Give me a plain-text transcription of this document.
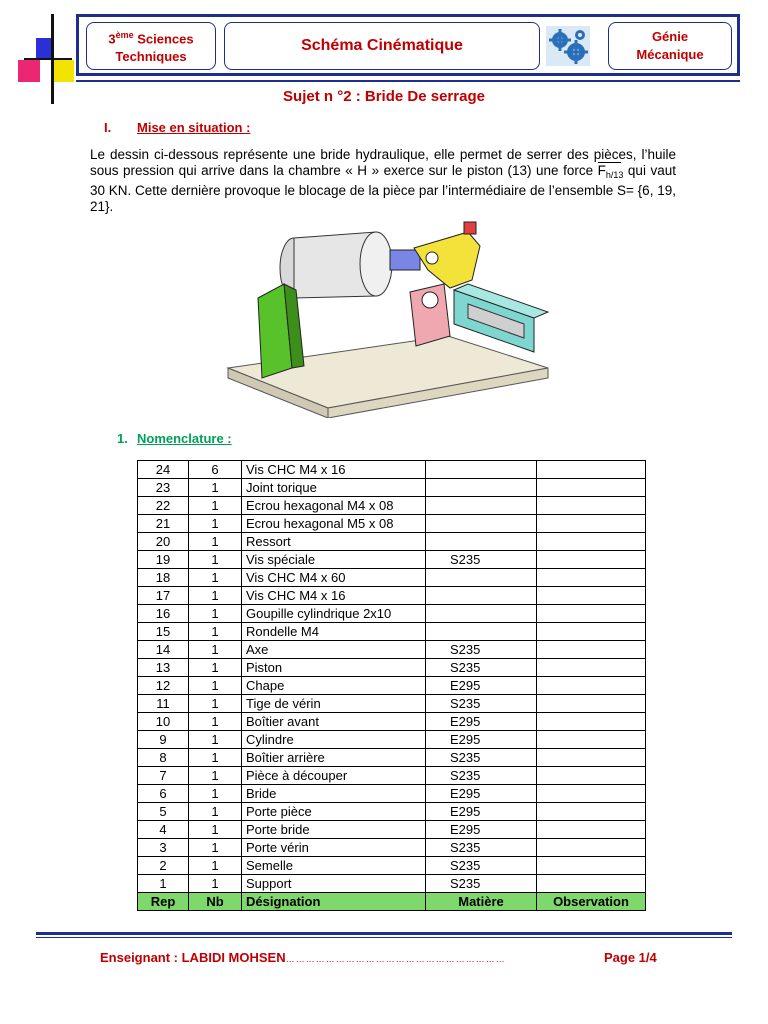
3ème Sciences
Techniques
Schéma Cinématique
Génie
Mécanique
Sujet n °2 : Bride De serrage
I. Mise en situation :
Le dessin ci-dessous représente une bride hydraulique, elle permet de serrer des pièces, l’huile sous pression qui arrive dans la chambre « H » exerce sur le piston (13) une force $F_{h/13}$ qui vaut 30 KN. Cette dernière provoque le blocage de la pièce par l’intermédiaire de l’ensemble S= {6, 19, 21}.
1. Nomenclature :
24	6	Vis CHC M4 x 16		
23	1	Joint torique		
22	1	Ecrou hexagonal M4 x 08		
21	1	Ecrou hexagonal M5 x 08		
20	1	Ressort		
19	1	Vis spéciale	S235	
18	1	Vis CHC M4 x 60		
17	1	Vis CHC M4 x 16		
16	1	Goupille cylindrique 2x10		
15	1	Rondelle M4		
14	1	Axe	S235	
13	1	Piston	S235	
12	1	Chape	E295	
11	1	Tige de vérin	S235	
10	1	Boîtier avant	E295	
9	1	Cylindre	E295	
8	1	Boîtier arrière	S235	
7	1	Pièce à découper	S235	
6	1	Bride	E295	
5	1	Porte pièce	E295	
4	1	Porte bride	E295	
3	1	Porte vérin	S235	
2	1	Semelle	S235	
1	1	Support	S235	
Rep	Nb	Désignation	Matière	Observation
Enseignant : LABIDI MOHSEN…………………………………………………………	Page 1/4
